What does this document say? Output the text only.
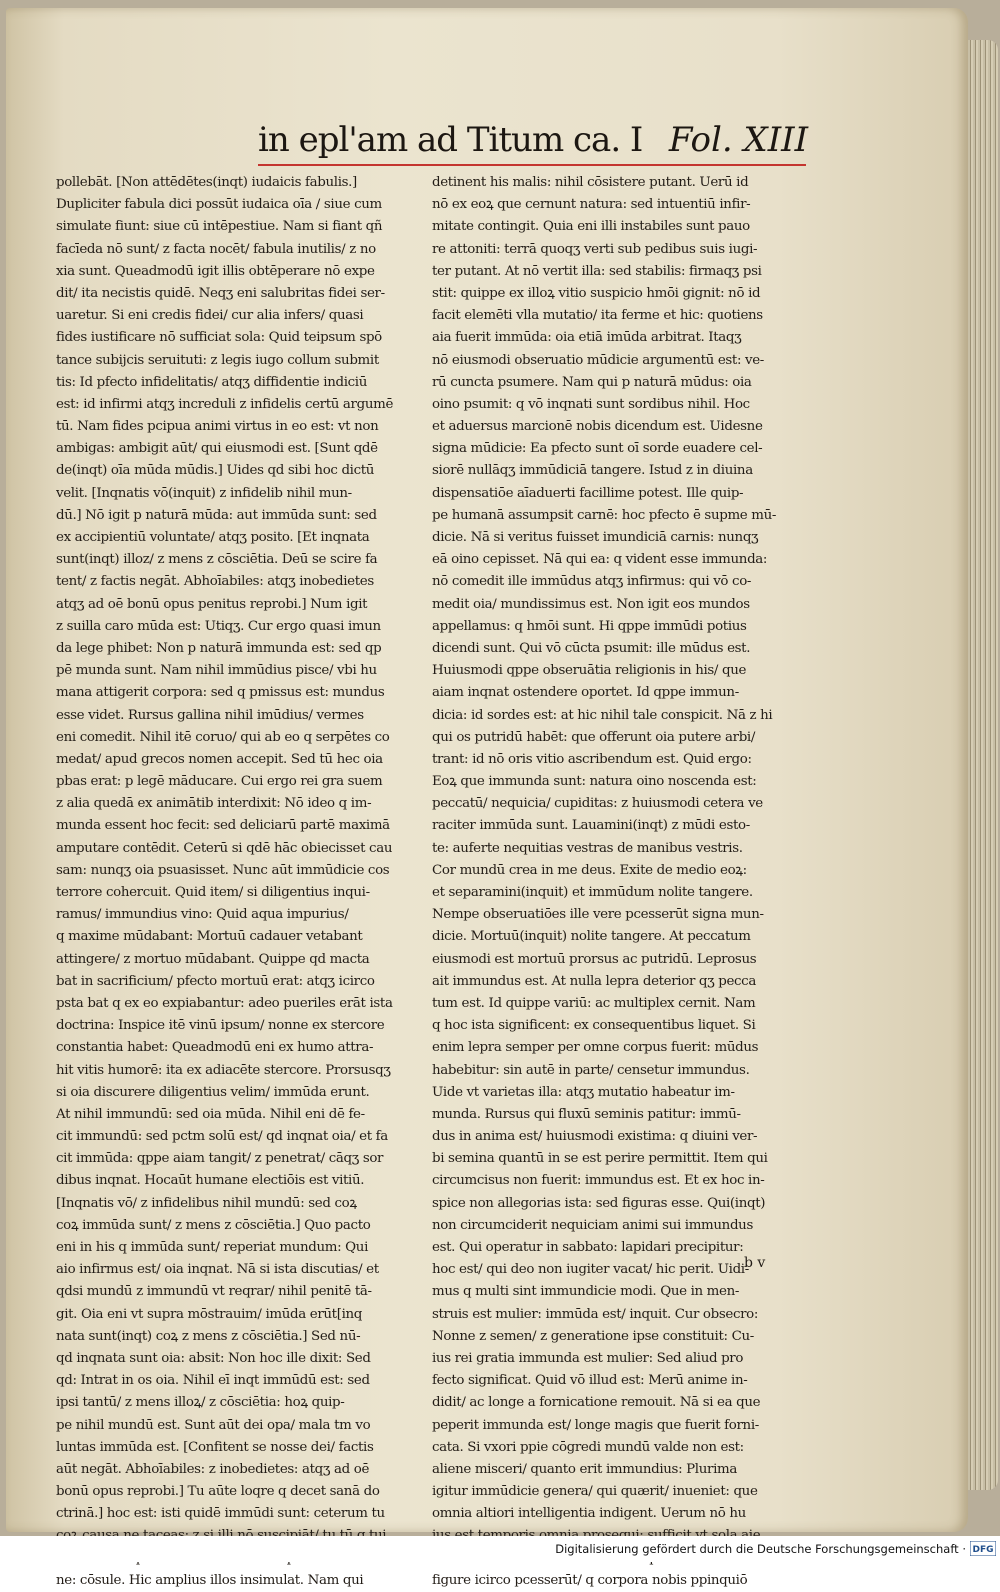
in epl'am ad Titum ca. I Fol. XIII
pollebāt. [Non attēdētes(inqt) iudaicis fabulis.]
Dupliciter fabula dici possūt iudaica oīa / siue cum
simulate fiunt: siue cū intēpestiue. Nam si fiant qñ
facīeda nō sunt/ z facta nocēt/ fabula inutilis/ z no
xia sunt. Queadmodū igit illis obtēperare nō expe
dit/ ita necistis quidē. Neqʒ eni salubritas fidei ser-
uaretur. Si eni credis fidei/ cur alia infers/ quasi
fides iustificare nō sufficiat sola: Quid teipsum spō
tance subijcis seruituti: z legis iugo collum submit
tis: Id pfecto infidelitatis/ atqʒ diffidentie indiciū
est: id infirmi atqʒ increduli z infidelis certū argumē
tū. Nam fides pcipua animi virtus in eo est: vt non
ambigas: ambigit aūt/ qui eiusmodi est. [Sunt qdē
de(inqt) oīa mūda mūdis.] Uides qd sibi hoc dictū
velit. [Inqnatis vō(inquit) z infidelib nihil mun-
dū.] Nō igit p naturā mūda: aut immūda sunt: sed
ex accipientiū voluntate/ atqʒ posito. [Et inqnata
sunt(inqt) illoz/ z mens z cōsciētia. Deū se scire fa
tent/ z factis negāt. Abhoīabiles: atqʒ inobedietes
atqʒ ad oē bonū opus penitus reprobi.] Num igit
z suilla caro mūda est: Utiqʒ. Cur ergo quasi imun
da lege phibet: Non p naturā immunda est: sed qp
pē munda sunt. Nam nihil immūdius pisce/ vbi hu
mana attigerit corpora: sed q pmissus est: mundus
esse videt. Rursus gallina nihil imūdius/ vermes
eni comedit. Nihil itē coruo/ qui ab eo q serpētes co
medat/ apud grecos nomen accepit. Sed tū hec oia
pbas erat: p legē māducare. Cui ergo rei gra suem
z alia quedā ex animātib interdixit: Nō ideo q im-
munda essent hoc fecit: sed deliciarū partē maximā
amputare contēdit. Ceterū si qdē hāc obiecisset cau
sam: nunqʒ oia psuasisset. Nunc aūt immūdicie cos
terrore cohercuit. Quid item/ si diligentius inqui-
ramus/ immundius vino: Quid aqua impurius/
q maxime mūdabant: Mortuū cadauer vetabant
attingere/ z mortuo mūdabant. Quippe qd macta
bat in sacrificium/ pfecto mortuū erat: atqʒ icirco
psta bat q ex eo expiabantur: adeo pueriles erāt ista
doctrina: Inspice itē vinū ipsum/ nonne ex stercore
constantia habet: Queadmodū eni ex humo attra-
hit vitis humorē: ita ex adiacēte stercore. Prorsusqʒ
si oia discurere diligentius velim/ immūda erunt.
At nihil immundū: sed oia mūda. Nihil eni dē fe-
cit immundū: sed pctm solū est/ qd inqnat oia/ et fa
cit immūda: qppe aiam tangit/ z penetrat/ cāqʒ sor
dibus inqnat. Hocaūt humane electiōis est vitiū.
[Inqnatis vō/ z infidelibus nihil mundū: sed coꝝ
coꝝ immūda sunt/ z mens z cōsciētia.] Quo pacto
eni in his q immūda sunt/ reperiat mundum: Qui
aio infirmus est/ oia inqnat. Nā si ista discutias/ et
qdsi mundū z immundū vt reqrar/ nihil penitē tā-
git. Oia eni vt supra mōstrauim/ imūda erūt[inq
nata sunt(inqt) coꝝ z mens z cōsciētia.] Sed nū-
qd inqnata sunt oia: absit: Non hoc ille dixit: Sed
qd: Intrat in os oia. Nihil eī inqt immūdū est: sed
ipsi tantū/ z mens illoꝝ/ z cōsciētia: hoꝝ quip-
pe nihil mundū est. Sunt aūt dei opa/ mala tm vo
luntas immūda est. [Confitent se nosse dei/ factis
aūt negāt. Abhoīabiles: z inobedietes: atqʒ ad oē
bonū opus reprobi.] Tu aūte loqre q decet sanā do
ctrinā.] hoc est: isti quidē immūdi sunt: ceterum tu
ne: cōsule. Hic amplius illos insimulat. Nam qui
detinent his malis: nihil cōsistere putant. Uerū id
nō ex eoꝝ que cernunt natura: sed intuentiū infir-
mitate contingit. Quia eni illi instabiles sunt pauo
re attoniti: terrā quoqʒ verti sub pedibus suis iugi-
ter putant. At nō vertit illa: sed stabilis: firmaqʒ psi
stit: quippe ex illoꝝ vitio suspicio hmōi gignit: nō id
facit elemēti vlla mutatio/ ita ferme et hic: quotiens
aia fuerit immūda: oia etiā imūda arbitrat. Itaqʒ
nō eiusmodi obseruatio mūdicie argumentū est: ve-
rū cuncta psumere. Nam qui p naturā mūdus: oia
oino psumit: q vō inqnati sunt sordibus nihil. Hoc
et aduersus marcionē nobis dicendum est. Uidesne
signa mūdicie: Ea pfecto sunt oī sorde euadere cel-
siorē nullāqʒ immūdiciā tangere. Istud z in diuina
dispensatiōe aīaduerti facillime potest. Ille quip-
pe humanā assumpsit carnē: hoc pfecto ē supme mū-
dicie. Nā si veritus fuisset imundiciā carnis: nunqʒ
eā oino cepisset. Nā qui ea: q vident esse immunda:
nō comedit ille immūdus atqʒ infirmus: qui vō co-
medit oia/ mundissimus est. Non igit eos mundos
appellamus: q hmōi sunt. Hi qppe immūdi potius
dicendi sunt. Qui vō cūcta psumit: ille mūdus est.
Huiusmodi qppe obseruātia religionis in his/ que
aiam inqnat ostendere oportet. Id qppe immun-
dicia: id sordes est: at hic nihil tale conspicit. Nā z hi
qui os putridū habēt: que offerunt oia putere arbi/
trant: id nō oris vitio ascribendum est. Quid ergo:
Eoꝝ que immunda sunt: natura oino noscenda est:
peccatū/ nequicia/ cupiditas: z huiusmodi cetera ve
raciter immūda sunt. Lauamini(inqt) z mūdi esto-
te: auferte nequitias vestras de manibus vestris.
Cor mundū crea in me deus. Exite de medio eoꝝ:
et separamini(inquit) et immūdum nolite tangere.
Nempe obseruatiōes ille vere pcesserūt signa mun-
dicie. Mortuū(inquit) nolite tangere. At peccatum
eiusmodi est mortuū prorsus ac putridū. Leprosus
ait immundus est. At nulla lepra deterior qʒ pecca
tum est. Id quippe variū: ac multiplex cernit. Nam
q hoc ista significent: ex consequentibus liquet. Si
enim lepra semper per omne corpus fuerit: mūdus
habebitur: sin autē in parte/ censetur immundus.
Uide vt varietas illa: atqʒ mutatio habeatur im-
munda. Rursus qui fluxū seminis patitur: immū-
dus in anima est/ huiusmodi existima: q diuini ver-
bi semina quantū in se est perire permittit. Item qui
circumcisus non fuerit: immundus est. Et ex hoc in-
spice non allegorias ista: sed figuras esse. Qui(inqt)
non circumciderit nequiciam animi sui immundus
est. Qui operatur in sabbato: lapidari precipitur:
hoc est/ qui deo non iugiter vacat/ hic perit. Uidi-
mus q multi sint immundicie modi. Que in men-
struis est mulier: immūda est/ inquit. Cur obsecro:
Nonne z semen/ z generatione ipse constituit: Cu-
ius rei gratia immunda est mulier: Sed aliud pro
fecto significat. Quid vō illud est: Merū anime in-
didit/ ac longe a fornicatione remouit. Nā si ea que
peperit immunda est/ longe magis que fuerit forni-
cata. Si vxori ppie cōgredi mundū valde non est:
aliene misceri/ quanto erit immundius: Plurima
igitur immūdicie genera/ qui quærit/ inueniet: que
omnia altiori intelligentia indigent. Uerum nō hu
figure icirco pcesserūt/ q corpora nobis ppinquiō
b v
Digitalisierung gefördert durch die Deutsche Forschungsgemeinschaft · DFG
